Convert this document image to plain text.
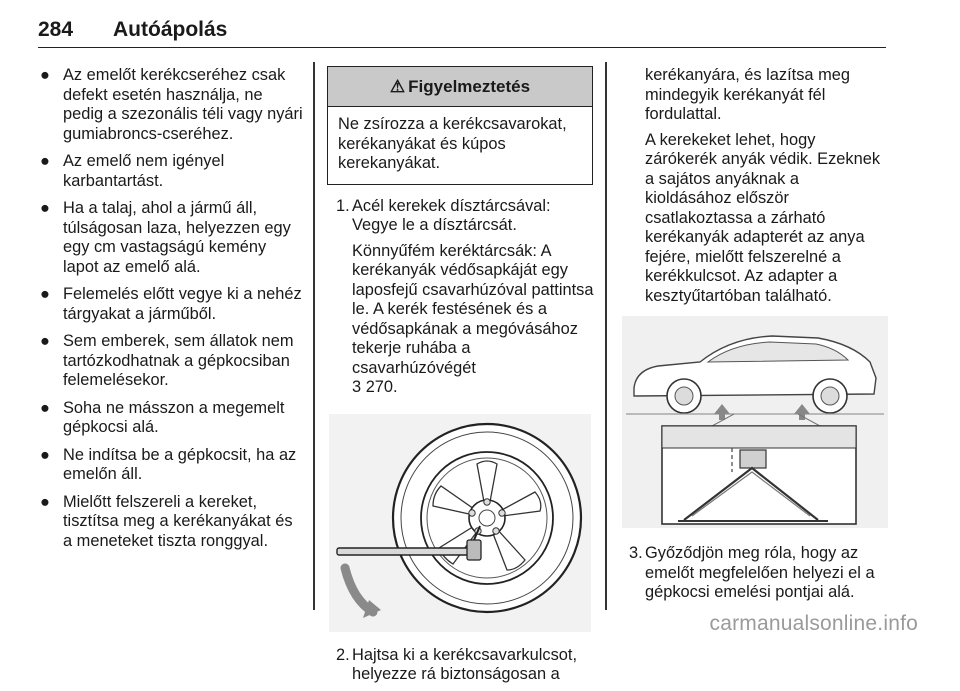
284 Autóápolás
● Az emelőt kerékcseréhez csak defekt esetén használja, ne pedig a szezonális téli vagy nyári gumiabroncs-cseréhez.
● Az emelő nem igényel karbantartást.
● Ha a talaj, ahol a jármű áll, túlságosan laza, helyezzen egy egy cm vastagságú kemény lapot az emelő alá.
● Felemelés előtt vegye ki a nehéz tárgyakat a járműből.
● Sem emberek, sem állatok nem tartózkodhatnak a gépkocsiban felemelésekor.
● Soha ne másszon a megemelt gépkocsi alá.
● Ne indítsa be a gépkocsit, ha az emelőn áll.
● Mielőtt felszereli a kereket, tisztítsa meg a kerékanyákat és a meneteket tiszta ronggyal.
⚠ Figyelmeztetés
Ne zsírozza a kerékcsavarokat, kerékanyákat és kúpos kerekanyákat.
1. Acél kerekek dísztárcsával: Vegye le a dísztárcsát.

Könnyűfém keréktárcsák: A kerékanyák védősapkáját egy laposfejű csavarhúzóval pattintsa le. A kerék festésének és a védősapkának a megóvásához tekerje ruhába a csavarhúzóvégét
3 270.

2. Hajtsa ki a kerékcsavarkulcsot, helyezze rá biztonságosan a

kerékanyára, és lazítsa meg mindegyik kerékanyát fél fordulattal.

A kerekeket lehet, hogy zárókerék anyák védik. Ezeknek a sajátos anyáknak a kioldásához először csatlakoztassa a zárható kerékanyák adapterét az anya fejére, mielőtt felszerelné a kerékkulcsot. Az adapter a kesztyűtartóban található.

3. Győződjön meg róla, hogy az emelőt megfelelően helyezi el a gépkocsi emelési pontjai alá.

carmanualsonline.info
